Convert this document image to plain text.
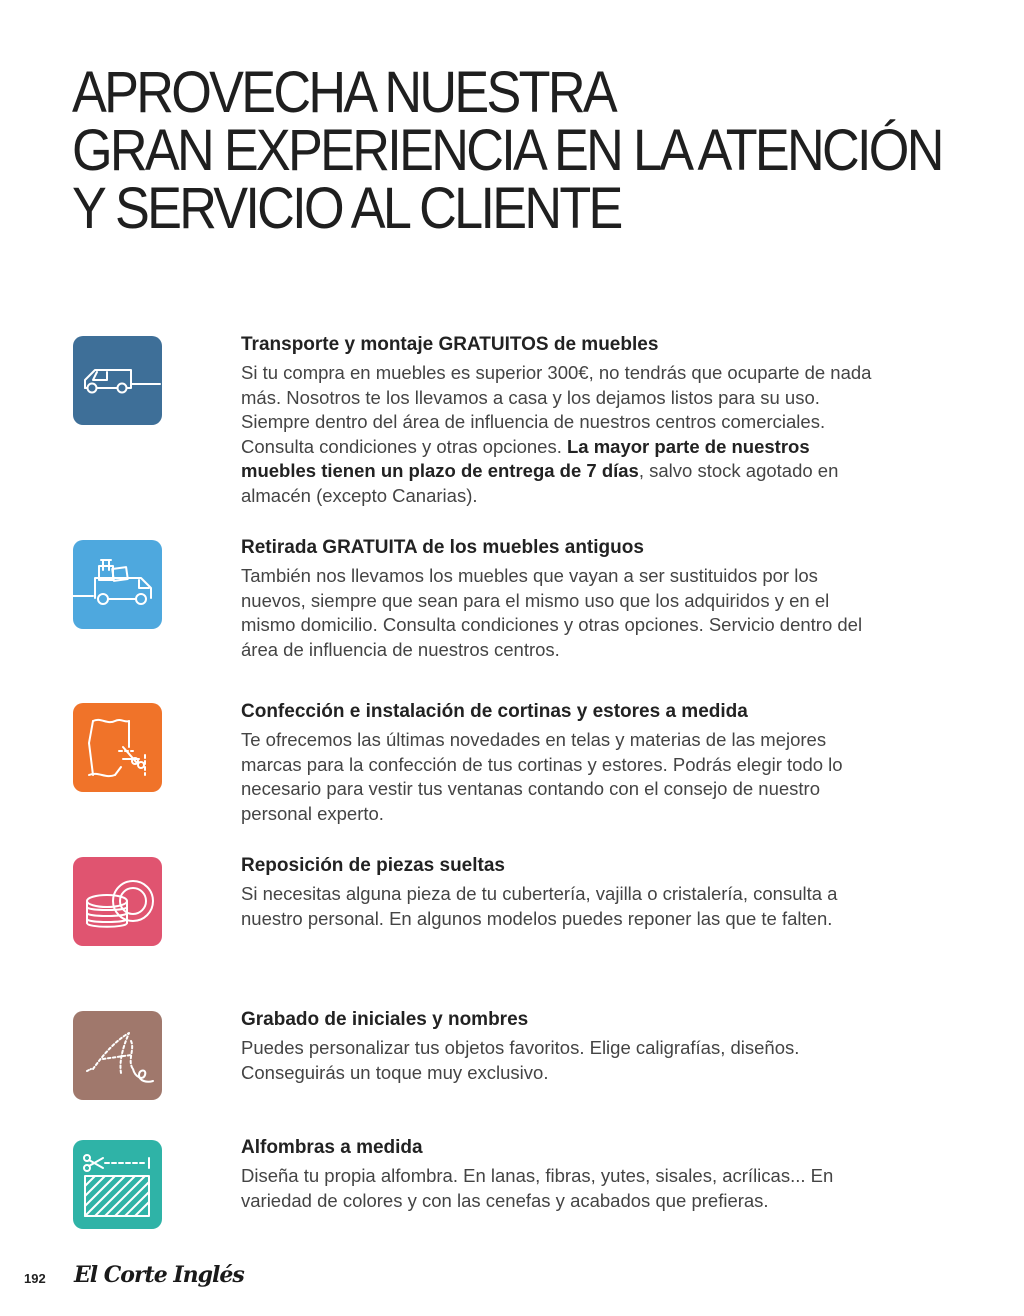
APROVECHA NUESTRA
GRAN EXPERIENCIA EN LA ATENCIÓN
Y SERVICIO AL CLIENTE

Transporte y montaje GRATUITOS de muebles

Si tu compra en muebles es superior 300€, no tendrás que ocuparte de nada más. Nosotros te los llevamos a casa y los dejamos listos para su uso. Siempre dentro del área de influencia de nuestros centros comerciales. Consulta condiciones y otras opciones. La mayor parte de nuestros muebles tienen un plazo de entrega de 7 días, salvo stock agotado en almacén (excepto Canarias).

Retirada GRATUITA de los muebles antiguos

También nos llevamos los muebles que vayan a ser sustituidos por los nuevos, siempre que sean para el mismo uso que los adquiridos y en el mismo domicilio. Consulta condiciones y otras opciones. Servicio dentro del área de influencia de nuestros centros.

Confección e instalación de cortinas y estores a medida

Te ofrecemos las últimas novedades en telas y materias de las mejores marcas para la confección de tus cortinas y estores. Podrás elegir todo lo necesario para vestir tus ventanas contando con el consejo de nuestro personal experto.

Reposición de piezas sueltas

Si necesitas alguna pieza de tu cubertería, vajilla o cristalería, consulta a nuestro personal. En algunos modelos puedes reponer las que te falten.

Grabado de iniciales y nombres

Puedes personalizar tus objetos favoritos. Elige caligrafías, diseños. Conseguirás un toque muy exclusivo.

Alfombras a medida

Diseña tu propia alfombra. En lanas, fibras, yutes, sisales, acrílicas... En variedad de colores y con las cenefas y acabados que prefieras.

192 El Corte Inglés
